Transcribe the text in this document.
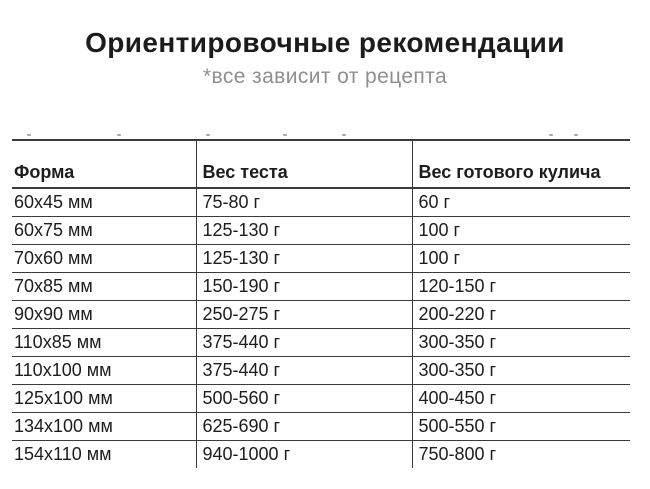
Ориентировочные рекомендации
*все зависит от рецепта
Форма	Вес теста	Вес готового кулича
60x45 мм	75-80 г	60 г
60x75 мм	125-130 г	100 г
70x60 мм	125-130 г	100 г
70x85 мм	150-190 г	120-150 г
90x90 мм	250-275 г	200-220 г
110x85 мм	375-440 г	300-350 г
110x100 мм	375-440 г	300-350 г
125x100 мм	500-560 г	400-450 г
134x100 мм	625-690 г	500-550 г
154x110 мм	940-1000 г	750-800 г
